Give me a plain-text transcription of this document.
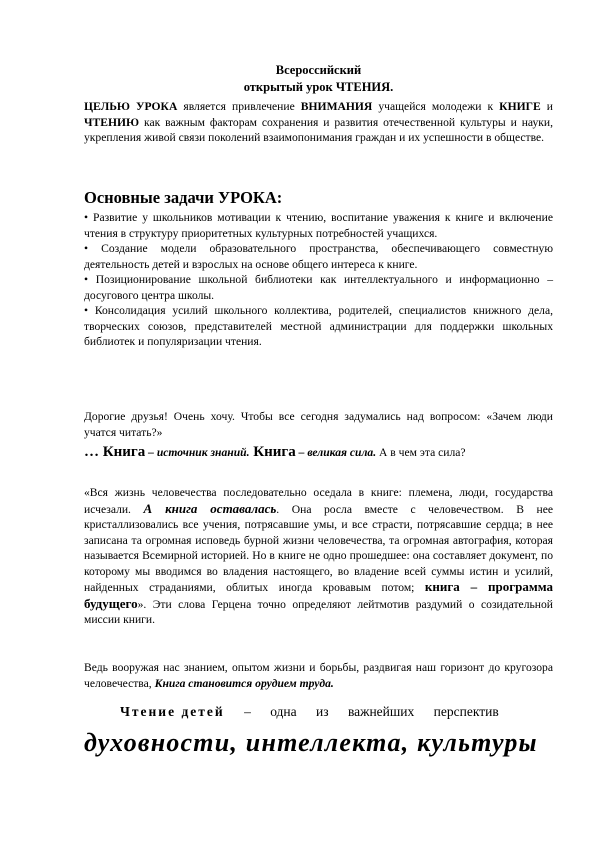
Всероссийский
открытый урок ЧТЕНИЯ.
ЦЕЛЬЮ УРОКА является привлечение ВНИМАНИЯ учащейся молодежи к КНИГЕ и ЧТЕНИЮ как важным факторам сохранения и развития отечественной культуры и науки, укрепления живой связи поколений взаимопонимания граждан и их успешности в обществе.
Основные задачи УРОКА:

• Развитие у школьников мотивации к чтению, воспитание уважения к книге и включение чтения в структуру приоритетных культурных потребностей учащихся.

• Создание модели образовательного пространства, обеспечивающего совместную деятельность детей и взрослых на основе общего интереса к книге.

• Позиционирование школьной библиотеки как интеллектуального и информационно – досугового центра школы.

• Консолидация усилий школьного коллектива, родителей, специалистов книжного дела, творческих союзов, представителей местной администрации для поддержки школьных библиотек и популяризации чтения.

Дорогие друзья! Очень хочу. Чтобы все сегодня задумались над вопросом: «Зачем люди учатся читать?»
… Книга – источник знаний. Книга – великая сила. А в чем эта сила?
«Вся жизнь человечества последовательно оседала в книге: племена, люди, государства исчезали. А книга оставалась. Она росла вместе с человечеством. В нее кристаллизовались все учения, потрясавшие умы, и все страсти, потрясавшие сердца; в нее записана та огромная исповедь бурной жизни человечества, та огромная автография, которая называется Всемирной историей. Но в книге не одно прошедшее: она составляет документ, по которому мы вводимся во владения настоящего, во владение всей суммы истин и усилий, найденных страданиями, облитых иногда кровавым потом; книга – программа будущего». Эти слова Герцена точно определяют лейтмотив раздумий о созидательной миссии книги.
Ведь вооружая нас знанием, опытом жизни и борьбы, раздвигая наш горизонт до кругозора человечества, Книга становится орудием труда.
Чтение детей – одна из важнейших перспектив
духовности, интеллекта, культуры
